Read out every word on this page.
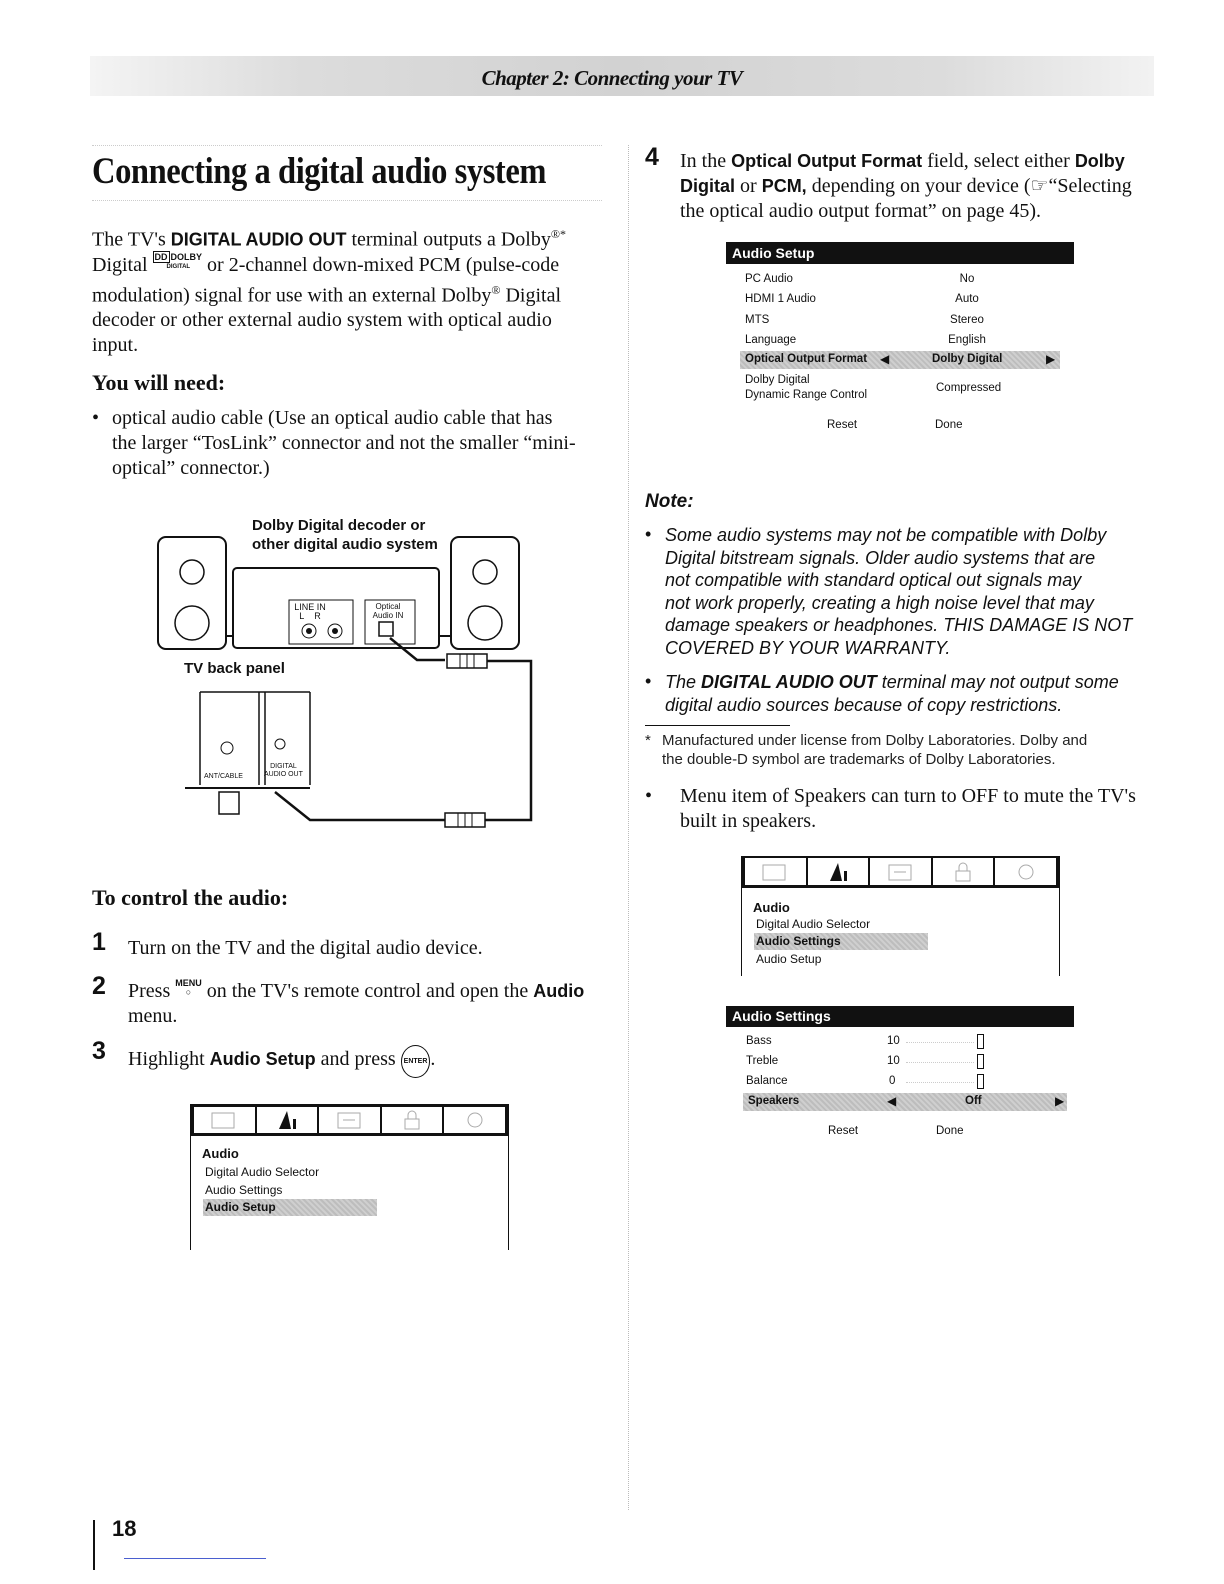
Chapter 2: Connecting your TV
Connecting a digital audio system
The TV's DIGITAL AUDIO OUT terminal outputs a Dolby®*
Digital DD DOLBY
DIGITAL or 2-channel down-mixed PCM (pulse-code
modulation) signal for use with an external Dolby® Digital
decoder or other external audio system with optical audio
input.
You will need:
• optical audio cable (Use an optical audio cable that has
the larger “TosLink” connector and not the smaller “mini-
optical” connector.)
Dolby Digital decoder or
other digital audio system
LINE IN
L R
Optical
Audio IN
TV back panel
ANT/CABLE
DIGITAL
AUDIO OUT
To control the audio:
1 Turn on the TV and the digital audio device.
2 Press MENU
○ on the TV's remote control and open the Audio
menu.
3 Highlight Audio Setup and press ENTER .
Audio
Digital Audio Selector
Audio Settings
Audio Setup
4 In the Optical Output Format field, select either Dolby
Digital or PCM, depending on your device (☞“Selecting
the optical audio output format” on page 45).
Audio Setup
PC Audio	No
HDMI 1 Audio	Auto
MTS	Stereo
Language	English
Optical Output Format ◀	Dolby Digital	▶
Dolby Digital
Dynamic Range Control
Compressed
Reset	Done
Note:
• Some audio systems may not be compatible with Dolby
Digital bitstream signals. Older audio systems that are
not compatible with standard optical out signals may
not work properly, creating a high noise level that may
damage speakers or headphones. THIS DAMAGE IS NOT
COVERED BY YOUR WARRANTY.
• The DIGITAL AUDIO OUT terminal may not output some
digital audio sources because of copy restrictions.
* Manufactured under license from Dolby Laboratories. Dolby and
the double-D symbol are trademarks of Dolby Laboratories.
• Menu item of Speakers can turn to OFF to mute the TV's
built in speakers.
Audio
Digital Audio Selector
Audio Settings
Audio Setup
Audio Settings
Bass	10
Treble	10
Balance	0
Speakers	◀	Off	▶
Reset	Done
18
